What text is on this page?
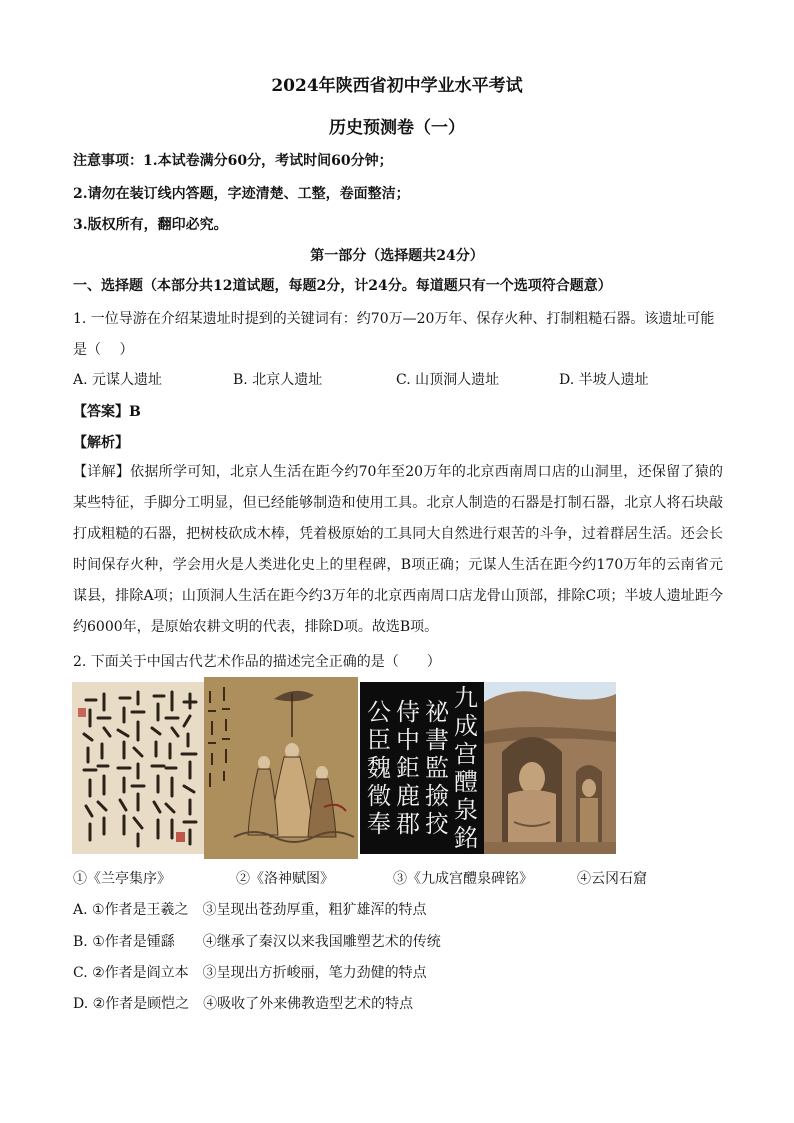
2024年陕西省初中学业水平考试
历史预测卷（一）
注意事项：1.本试卷满分60分，考试时间60分钟；
2.请勿在装订线内答题，字迹清楚、工整，卷面整洁；
3.版权所有，翻印必究。
第一部分（选择题共24分）
一、选择题（本部分共12道试题，每题2分，计24分。每道题只有一个选项符合题意）
1. 一位导游在介绍某遗址时提到的关键词有：约70万—20万年、保存火种、打制粗糙石器。该遗址可能
是（　 ）
A. 元谋人遗址	B. 北京人遗址	C. 山顶洞人遗址	D. 半坡人遗址
【答案】B
【解析】
【详解】依据所学可知，北京人生活在距今约70年至20万年的北京西南周口店的山洞里，还保留了猿的某些特征，手脚分工明显，但已经能够制造和使用工具。北京人制造的石器是打制石器，北京人将石块敲打成粗糙的石器，把树枝砍成木棒，凭着极原始的工具同大自然进行艰苦的斗争，过着群居生活。还会长时间保存火种，学会用火是人类进化史上的里程碑，B项正确；元谋人生活在距今约170万年的云南省元谋县，排除A项；山顶洞人生活在距今约3万年的北京西南周口店龙骨山顶部，排除C项；半坡人遗址距今约6000年，是原始农耕文明的代表，排除D项。故选B项。
2. 下面关于中国古代艺术作品的描述完全正确的是（　　）
九成宫醴泉銘
祕書監撿挍
侍中鉅鹿郡
公臣魏徵奉
①《兰亭集序》	②《洛神赋图》	③《九成宫醴泉碑铭》	④云冈石窟
A. ①作者是王羲之　③呈现出苍劲厚重，粗犷雄浑的特点
B. ①作者是锺繇　　④继承了秦汉以来我国雕塑艺术的传统
C. ②作者是阎立本　③呈现出方折峻丽，笔力劲健的特点
D. ②作者是顾恺之　④吸收了外来佛教造型艺术的特点
